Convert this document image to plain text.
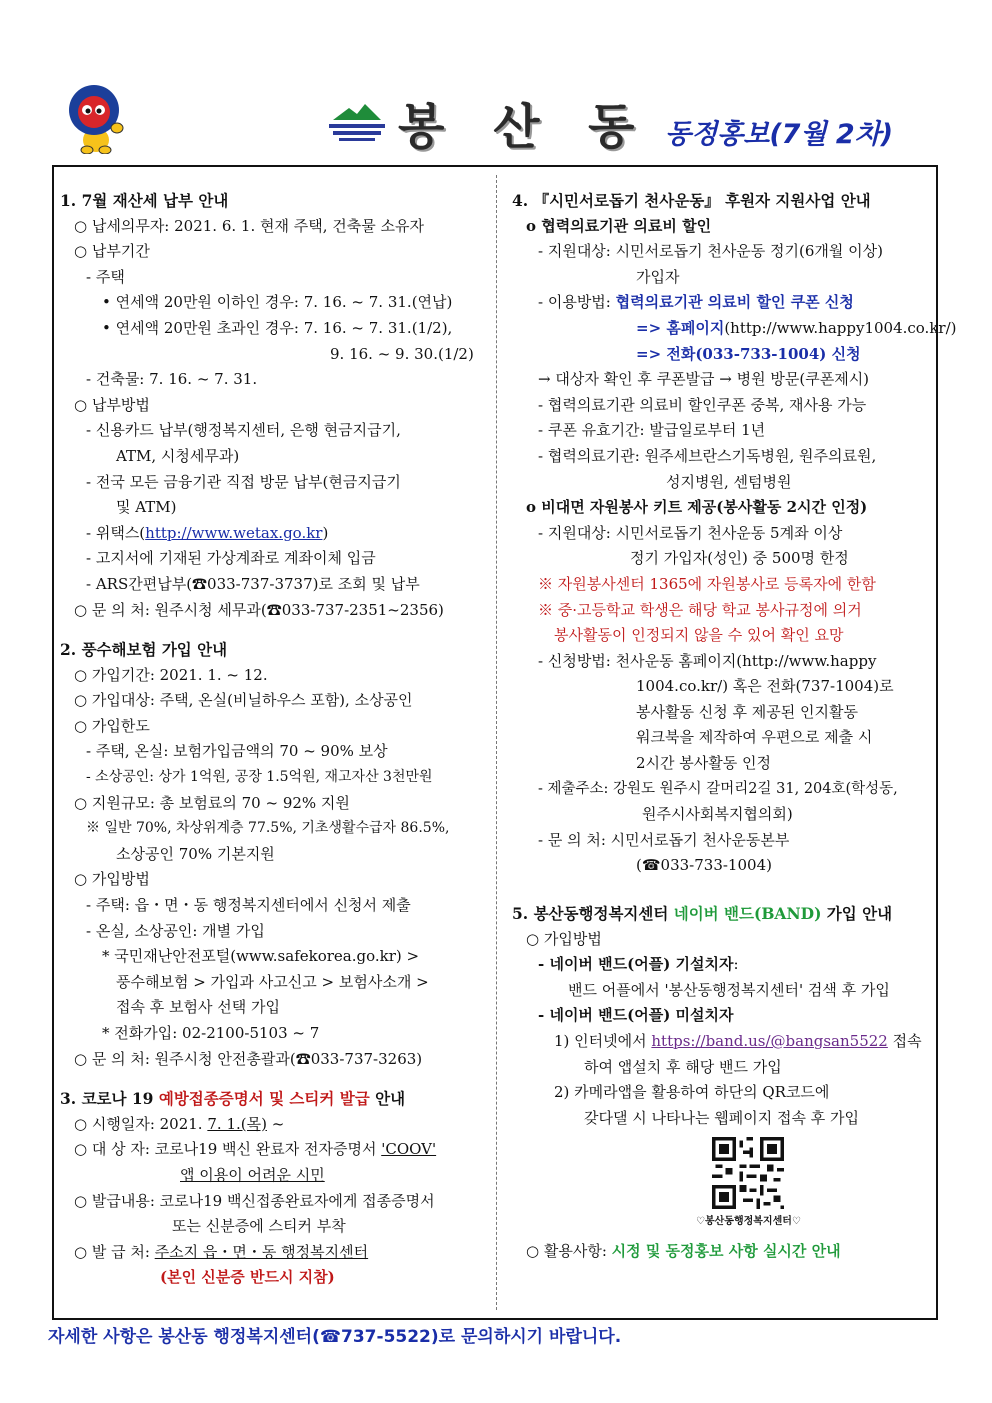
봉 산 동 동정홍보(7월 2차)
1. 7월 재산세 납부 안내
○ 납세의무자: 2021. 6. 1. 현재 주택, 건축물 소유자
○ 납부기간
- 주택
• 연세액 20만원 이하인 경우: 7. 16. ~ 7. 31.(연납)
• 연세액 20만원 초과인 경우: 7. 16. ~ 7. 31.(1/2),
9. 16. ~ 9. 30.(1/2)
- 건축물: 7. 16. ~ 7. 31.
○ 납부방법
- 신용카드 납부(행정복지센터, 은행 현금지급기,
ATM, 시청세무과)
- 전국 모든 금융기관 직접 방문 납부(현금지급기
및 ATM)
- 위택스(http://www.wetax.go.kr)
- 고지서에 기재된 가상계좌로 계좌이체 입금
- ARS간편납부(☎033-737-3737)로 조회 및 납부
○ 문 의 처: 원주시청 세무과(☎033-737-2351~2356)
2. 풍수해보험 가입 안내
○ 가입기간: 2021. 1. ~ 12.
○ 가입대상: 주택, 온실(비닐하우스 포함), 소상공인
○ 가입한도
- 주택, 온실: 보험가입금액의 70 ~ 90% 보상
- 소상공인: 상가 1억원, 공장 1.5억원, 재고자산 3천만원
○ 지원규모: 총 보험료의 70 ~ 92% 지원
※ 일반 70%, 차상위계층 77.5%, 기초생활수급자 86.5%,
소상공인 70% 기본지원
○ 가입방법
- 주택: 읍・면・동 행정복지센터에서 신청서 제출
- 온실, 소상공인: 개별 가입
* 국민재난안전포털(www.safekorea.go.kr) >
풍수해보험 > 가입과 사고신고 > 보험사소개 >
접속 후 보험사 선택 가입
* 전화가입: 02-2100-5103 ~ 7
○ 문 의 처: 원주시청 안전총괄과(☎033-737-3263)
3. 코로나 19 예방접종증명서 및 스티커 발급 안내
○ 시행일자: 2021. 7. 1.(목) ~
○ 대 상 자: 코로나19 백신 완료자 전자증명서 'COOV'
앱 이용이 어려운 시민
○ 발급내용: 코로나19 백신접종완료자에게 접종증명서
또는 신분증에 스티커 부착
○ 발 급 처: 주소지 읍・면・동 행정복지센터
(본인 신분증 반드시 지참)
4. 『시민서로돕기 천사운동』 후원자 지원사업 안내
o 협력의료기관 의료비 할인
- 지원대상: 시민서로돕기 천사운동 정기(6개월 이상)
가입자
- 이용방법: 협력의료기관 의료비 할인 쿠폰 신청
=> 홈페이지(http://www.happy1004.co.kr/)
=> 전화(033-733-1004) 신청
→ 대상자 확인 후 쿠폰발급 → 병원 방문(쿠폰제시)
- 협력의료기관 의료비 할인쿠폰 중복, 재사용 가능
- 쿠폰 유효기간: 발급일로부터 1년
- 협력의료기관: 원주세브란스기독병원, 원주의료원,
성지병원, 센텀병원
o 비대면 자원봉사 키트 제공(봉사활동 2시간 인정)
- 지원대상: 시민서로돕기 천사운동 5계좌 이상
정기 가입자(성인) 중 500명 한정
※ 자원봉사센터 1365에 자원봉사로 등록자에 한함
※ 중·고등학교 학생은 해당 학교 봉사규정에 의거
봉사활동이 인정되지 않을 수 있어 확인 요망
- 신청방법: 천사운동 홈페이지(http://www.happy
1004.co.kr/) 혹은 전화(737-1004)로
봉사활동 신청 후 제공된 인지활동
워크북을 제작하여 우편으로 제출 시
2시간 봉사활동 인정
- 제출주소: 강원도 원주시 갈머리2길 31, 204호(학성동,
원주시사회복지협의회)
- 문 의 처: 시민서로돕기 천사운동본부
(☎033-733-1004)
5. 봉산동행정복지센터 네이버 밴드(BAND) 가입 안내
○ 가입방법
- 네이버 밴드(어플) 기설치자:
밴드 어플에서 '봉산동행정복지센터' 검색 후 가입
- 네이버 밴드(어플) 미설치자
1) 인터넷에서 https://band.us/@bangsan5522 접속
하여 앱설치 후 해당 밴드 가입
2) 카메라앱을 활용하여 하단의 QR코드에
갖다댈 시 나타나는 웹페이지 접속 후 가입
♡봉산동행정복지센터♡
○ 활용사항: 시정 및 동정홍보 사항 실시간 안내
자세한 사항은 봉산동 행정복지센터(☎737-5522)로 문의하시기 바랍니다.
